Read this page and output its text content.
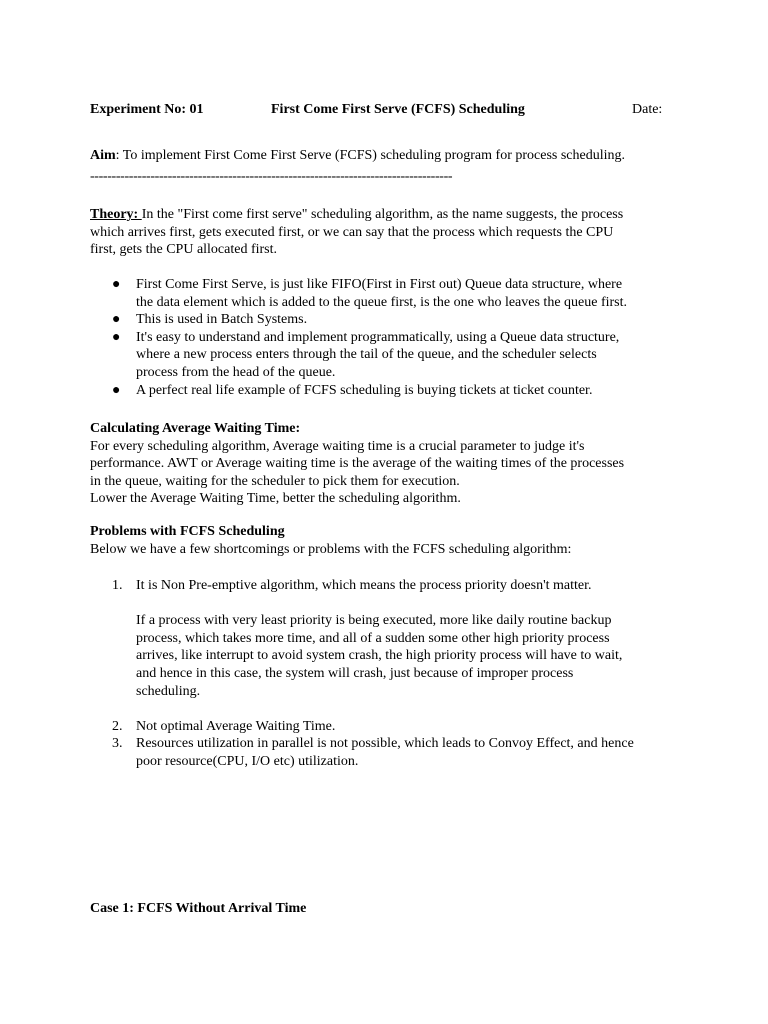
Experiment No: 01	First Come First Serve (FCFS) Scheduling	Date:
Aim: To implement First Come First Serve (FCFS) scheduling program for process scheduling.
------------------------------------------------------------------------------------

Theory: In the "First come first serve" scheduling algorithm, as the name suggests, the process

which arrives first, gets executed first, or we can say that the process which requests the CPU

first, gets the CPU allocated first.

● First Come First Serve, is just like FIFO(First in First out) Queue data structure, where
the data element which is added to the queue first, is the one who leaves the queue first.
● This is used in Batch Systems.
● It's easy to understand and implement programmatically, using a Queue data structure,
where a new process enters through the tail of the queue, and the scheduler selects
process from the head of the queue.
● A perfect real life example of FCFS scheduling is buying tickets at ticket counter.

Calculating Average Waiting Time:

For every scheduling algorithm, Average waiting time is a crucial parameter to judge it's

performance. AWT or Average waiting time is the average of the waiting times of the processes

in the queue, waiting for the scheduler to pick them for execution.

Lower the Average Waiting Time, better the scheduling algorithm.

Problems with FCFS Scheduling

Below we have a few shortcomings or problems with the FCFS scheduling algorithm:

1. It is Non Pre-emptive algorithm, which means the process priority doesn't matter.
If a process with very least priority is being executed, more like daily routine backup
process, which takes more time, and all of a sudden some other high priority process
arrives, like interrupt to avoid system crash, the high priority process will have to wait,
and hence in this case, the system will crash, just because of improper process
scheduling.
2. Not optimal Average Waiting Time.
3. Resources utilization in parallel is not possible, which leads to Convoy Effect, and hence
poor resource(CPU, I/O etc) utilization.
Case 1: FCFS Without Arrival Time
